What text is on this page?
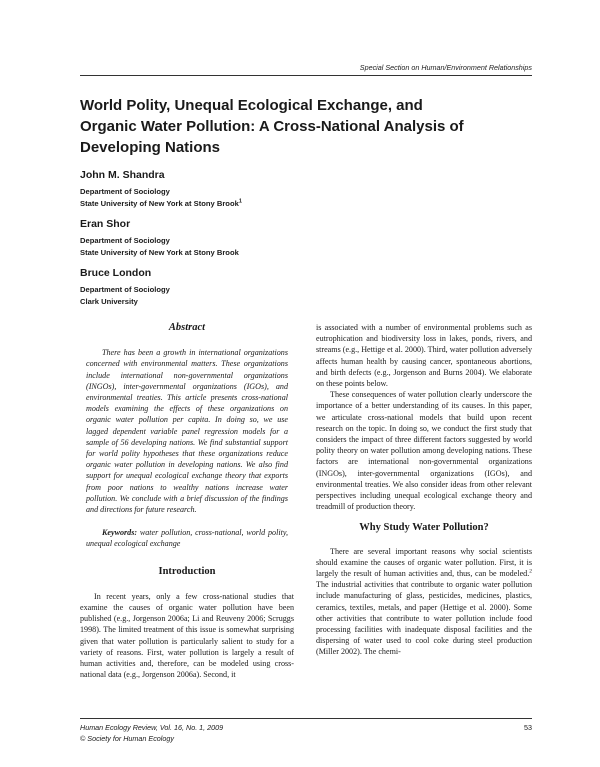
Special Section on Human/Environment Relationships
World Polity, Unequal Ecological Exchange, and
Organic Water Pollution: A Cross-National Analysis of
Developing Nations
John M. Shandra
Department of Sociology
State University of New York at Stony Brook$^1$
Eran Shor
Department of Sociology
State University of New York at Stony Brook
Bruce London
Department of Sociology
Clark University
Abstract

There has been a growth in international organizations concerned with environmental matters. These organizations include international non-governmental organizations (INGOs), inter-governmental organizations (IGOs), and environmental treaties. This article presents cross-national models examining the effects of these organizations on organic water pollution per capita. In doing so, we use lagged dependent variable panel regression models for a sample of 56 developing nations. We find substantial support for world polity hypotheses that these organizations reduce organic water pollution in developing nations. We also find support for unequal ecological exchange theory that exports from poor nations to wealthy nations increase water pollution. We conclude with a brief discussion of the findings and directions for future research.

Keywords: water pollution, cross-national, world polity, unequal ecological exchange

Introduction

In recent years, only a few cross-national studies that examine the causes of organic water pollution have been published (e.g., Jorgenson 2006a; Li and Reuveny 2006; Scruggs 1998). The limited treatment of this issue is somewhat surprising given that water pollution is particularly salient to study for a variety of reasons. First, water pollution is largely a result of human activities and, therefore, can be modeled using cross-national data (e.g., Jorgenson 2006a). Second, it

is associated with a number of environmental problems such as eutrophication and biodiversity loss in lakes, ponds, rivers, and streams (e.g., Hettige et al. 2000). Third, water pollution adversely affects human health by causing cancer, spontaneous abortions, and birth defects (e.g., Jorgenson and Burns 2004). We elaborate on these points below.

These consequences of water pollution clearly underscore the importance of a better understanding of its causes. In this paper, we articulate cross-national models that build upon recent research on the topic. In doing so, we conduct the first study that considers the impact of three different factors suggested by world polity theory on water pollution among developing nations. These factors are international non-governmental organizations (INGOs), inter-governmental organizations (IGOs), and environmental treaties. We also consider ideas from other relevant perspectives including unequal ecological exchange theory and treadmill of production theory.

Why Study Water Pollution?

There are several important reasons why social scientists should examine the causes of organic water pollution. First, it is largely the result of human activities and, thus, can be modeled.$^2$ The industrial activities that contribute to organic water pollution include manufacturing of glass, pesticides, medicines, plastics, ceramics, textiles, metals, and paper (Hettige et al. 2000). Some other activities that contribute to water pollution include food processing facilities with inadequate disposal facilities and the dispersing of water used to cool coke during steel production (Miller 2002). The chemi-

Human Ecology Review, Vol. 16, No. 1, 2009
© Society for Human Ecology
53
